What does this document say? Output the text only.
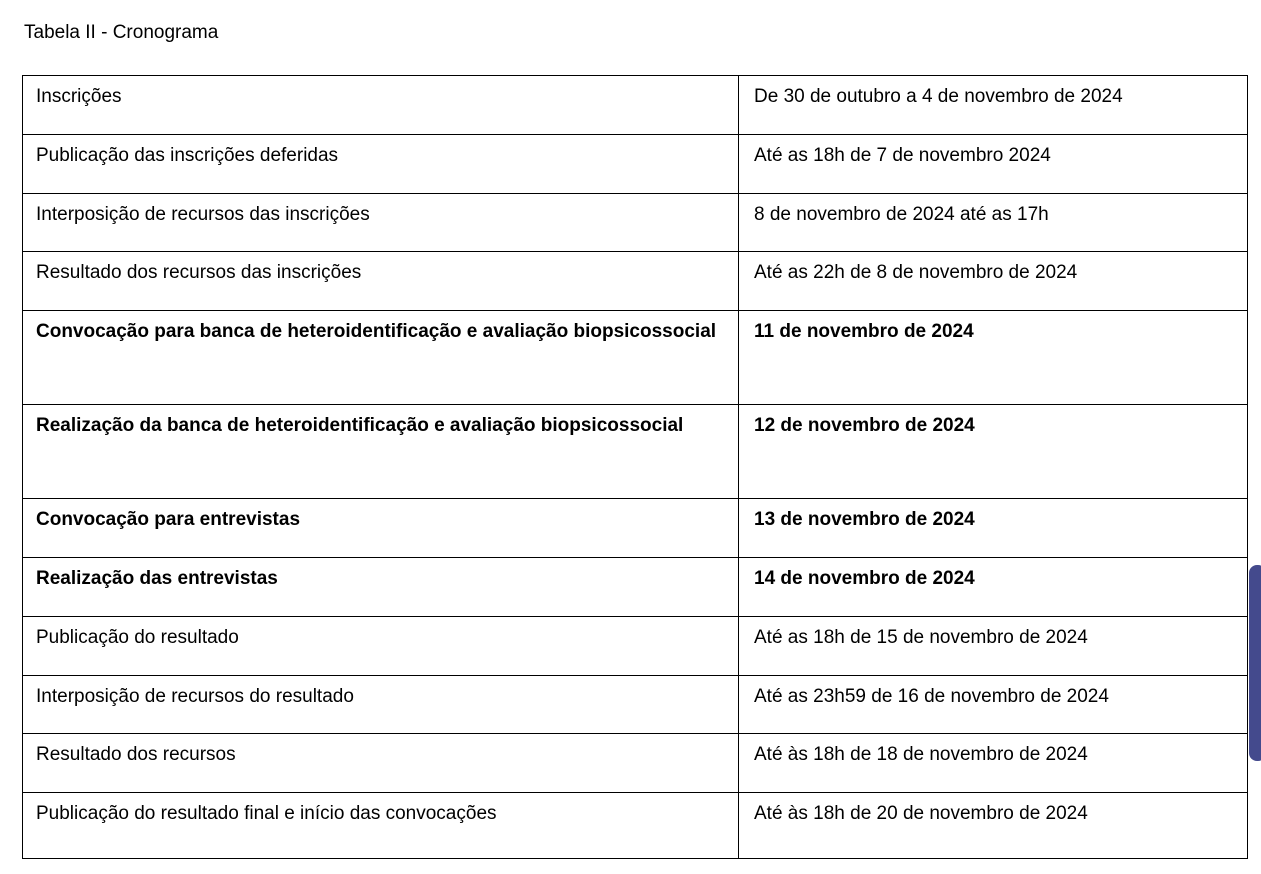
Tabela II - Cronograma
Inscrições	De 30 de outubro a 4 de novembro de 2024
Publicação das inscrições deferidas	Até as 18h de 7 de novembro 2024
Interposição de recursos das inscrições	8 de novembro de 2024 até as 17h
Resultado dos recursos das inscrições	Até as 22h de 8 de novembro de 2024
Convocação para banca de heteroidentificação e avaliação biopsicossocial	11 de novembro de 2024
Realização da banca de heteroidentificação e avaliação biopsicossocial	12 de novembro de 2024
Convocação para entrevistas	13 de novembro de 2024
Realização das entrevistas	14 de novembro de 2024
Publicação do resultado	Até as 18h de 15 de novembro de 2024
Interposição de recursos do resultado	Até as 23h59 de 16 de novembro de 2024
Resultado dos recursos	Até às 18h de 18 de novembro de 2024
Publicação do resultado final e início das convocações	Até às 18h de 20 de novembro de 2024
